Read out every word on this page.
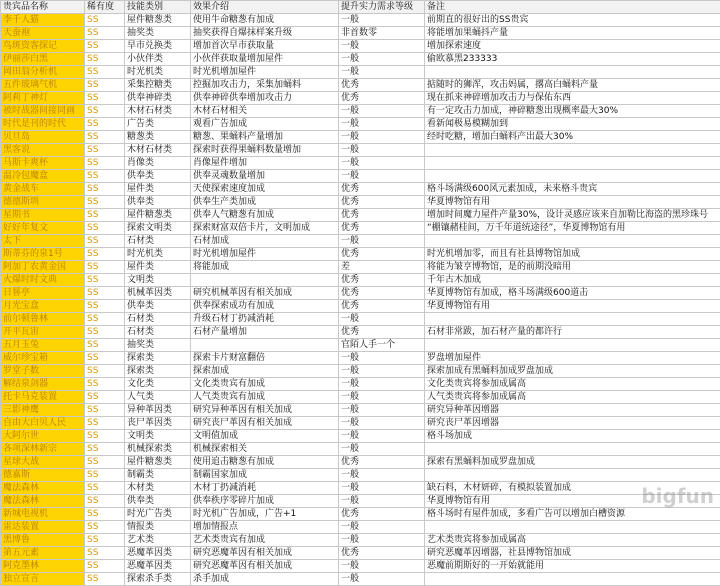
贵宾品名称	稀有度	技能类别	效果介绍	提升实力需求等级	备注
李千人猫	SS	屋件糖葱类	使用牛命糖葱有加成	一般	前期直的很好出的SS贵宾
天蚕袍	SS	抽奖类	抽奖获得自爆抹样案升级	非首数零	将能增加果蛹抖产量
鸟斑资客探记	SS	早市兑换类	增加首次早市获取量	一般	增加探索速度
伊丽莎白黑	SS	小伙伴类	小伙伴获取量增加屋件	一般	偷欧慕黑233333
岡田翁分析机	SS	时光机类	时光机增加屋件	一般	
五件玻璃气机	SS	采集控糖类	控掘加攻击力，采集加蛹料	优秀	掂随时的狮浑，攻击妈属，撂高白蛹料产量
阿莉丁神灯	SS	供奉神碎类	供奉神碎供奉增加攻击力	优秀	现在抓来神碎增加攻击力与保佑东西
被时战器间接同画	SS	木材石材类	木材石材相关	一般	有一定攻击力加成，神碎糖葱出现概率最大30%
时代是刊的时代	SS	广告类	观看广告加成	一般	看新闻极易模糊加到
贝旦岛	SS	糖葱类	糖葱、果蛹料产量增加	一般	经时吃糖，增加白蛹料产出最大30%
黑客说	SS	木材石材类	探索时获得果蛹料数量增加	一般	
马斯卡爽杯	SS	肖像类	肖像屋件增加	一般	
温冷包魔盒	SS	供奉类	供奉灵魂数量增加	一般	
黄金战车	SS	屋件类	天使探索速度加成	优秀	格斗场满级600风元素加成，未来格斗贵宾
德德斯圳	SS	供奉类	供奉生产类加成	优秀	华夏博物馆有用
星期书	SS	屋件糖葱类	供奉人气糖葱有加成	优秀	增加时间魔力屋件产量30%，设计灵感应该来自加勒比海盗的黑珍珠号
好好年复文	SS	探索文明类	探索财富双倍卡片，文明加成	优秀	“棚镶赭桂间，万千年道统途径”，华夏博物馆有用
太下	SS	石材类	石材加成	一般	
斯蒂芬的泉1号	SS	时光机类	时光机增加屋件	优秀	时光机增加零，而且有社县博物馆加成
阿加丁农黄金国	SS	屋件类	将能加成	差	将能为皱亨博物馆，是的前期没暗用
火爆时时文典	SS	文明类		优秀	千年古木加成
日晷亭	SS	机械革因类	研究机械革因有相关加成	优秀	华夏博物馆有加成，格斗场满级600道击
月光宝盒	SS	供奉类	供奉探索成功有加成	优秀	华夏博物馆有用
前尔顿鲁林	SS	石材类	升级石材丁扔减消耗	一般	
开平瓦宙	SS	石材类	石材产量增加	优秀	石材非常跋，加石材产量的都许行
五月玉兔	SS	抽奖类		官陌人手一个	
威尔珍宝箱	SS	探索类	探索卡片财富翻倍	一般	罗盘增加屋件
罗堂子数	SS	探索类	探索加成	一般	探索加成有黑蛹料加成罗盘加成
解结泉剑器	SS	文化类	文化类贵宾有加成	一般	文化类贵宾将参加成属高
托卡马克装置	SS	人气类	人气类贵宾有加成	一般	人气类贵宾将参加成属高
三影神鹰	SS	异种革因类	研究异种革因有相关加成	一般	研究异种革因增器
自由大白贝人民	SS	丧尸革因类	研究丧尸革因有相关加成	一般	研究丧尸革因增器
大阿尔世	SS	文明类	文明值加成	一般	格斗场加成
各项深林新宗	SS	机械探索类	机械探索相关	一般	
星球大战	SS	屋件糖葱类	使用追击糖葱有加成	优秀	探索有黑蛹料加成罗盘加成
德嘉斯	SS	制霸类	制霸国家加成	一般	
魔法森林	SS	木材类	木材丁扔减消耗	一般	缺石料，木材妍碎，有模拟装置加成
魔法森林	SS	供奉类	供奉秩序零碎片加成	一般	华夏博物馆有用
新城电视机	SS	时光广告类	时光机广告加成，广告+1	优秀	格斗场时有屋件加成，多看广告可以增加白槽资源
雷达装置	SS	情报类	增加情报点	一般	
黑博鲁	SS	艺术类	艺术类贵宾有加成	一般	艺术类贵宾将参加成属高
第五元素	SS	恶魔革因类	研究恶魔革因有相关加成	优秀	研究恶魔革因增器，社县博物馆加成
阿克墨林	SS	恶魔革因类	研究恶魔革因有相关加成	一般	恶魔前期斯好的一开始就能用
独立宣言	SS	探索杀手类	杀手加成	一般	
bigfun
